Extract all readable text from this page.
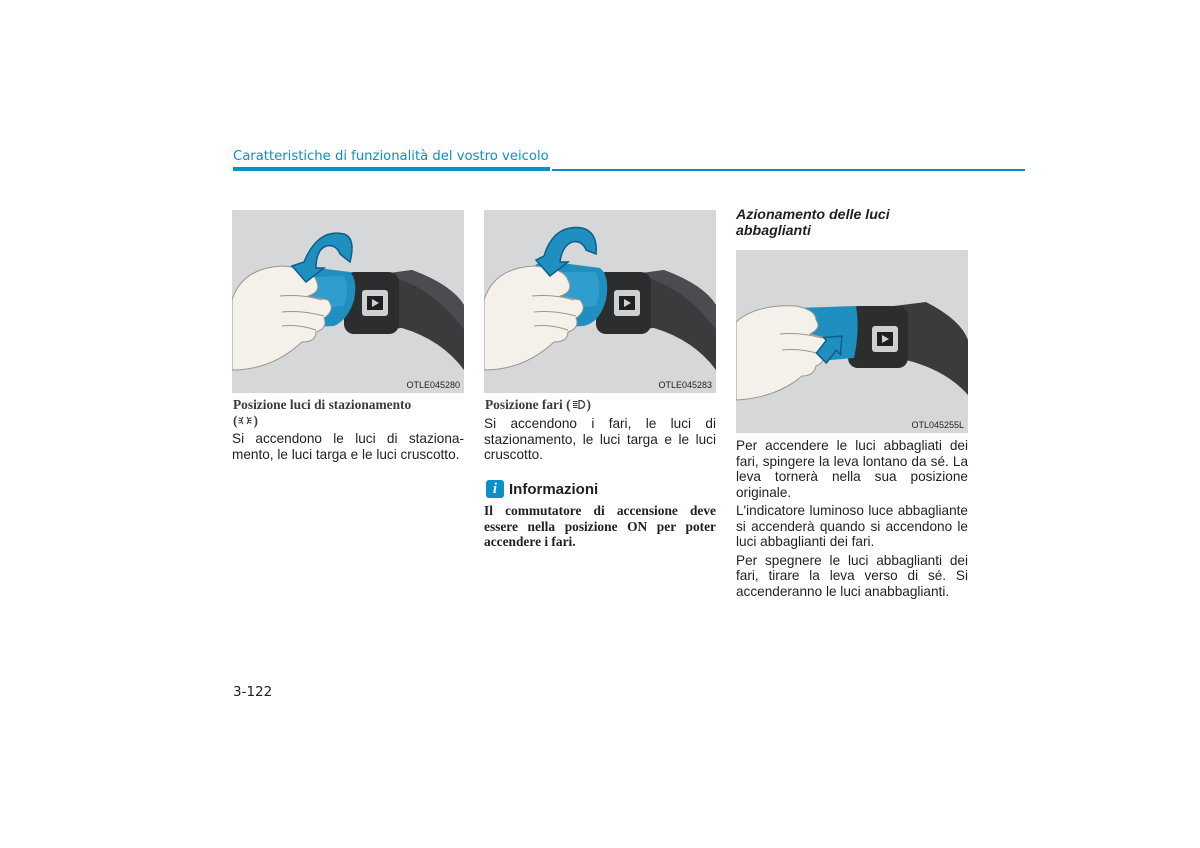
Caratteristiche di funzionalità del vostro veicolo
OTLE045280	OTLE045283
OTL045255L
Posizione luci di stazionamento
( )
Si accendono le luci di staziona-mento, le luci targa e le luci cruscotto.
Posizione fari ( )
Si accendono i fari, le luci di stazionamento, le luci targa e le luci cruscotto.
i Informazioni
Il commutatore di accensione deve essere nella posizione ON per poter accendere i fari.
Azionamento delle luci abbaglianti

Per accendere le luci abbagliati dei fari, spingere la leva lontano da sé. La leva tornerà nella sua posizione originale.

L'indicatore luminoso luce abbagliante si accenderà quando si accendono le luci abbaglianti dei fari.

Per spegnere le luci abbaglianti dei fari, tirare la leva verso di sé. Si accenderanno le luci anabbaglianti.

3-122
